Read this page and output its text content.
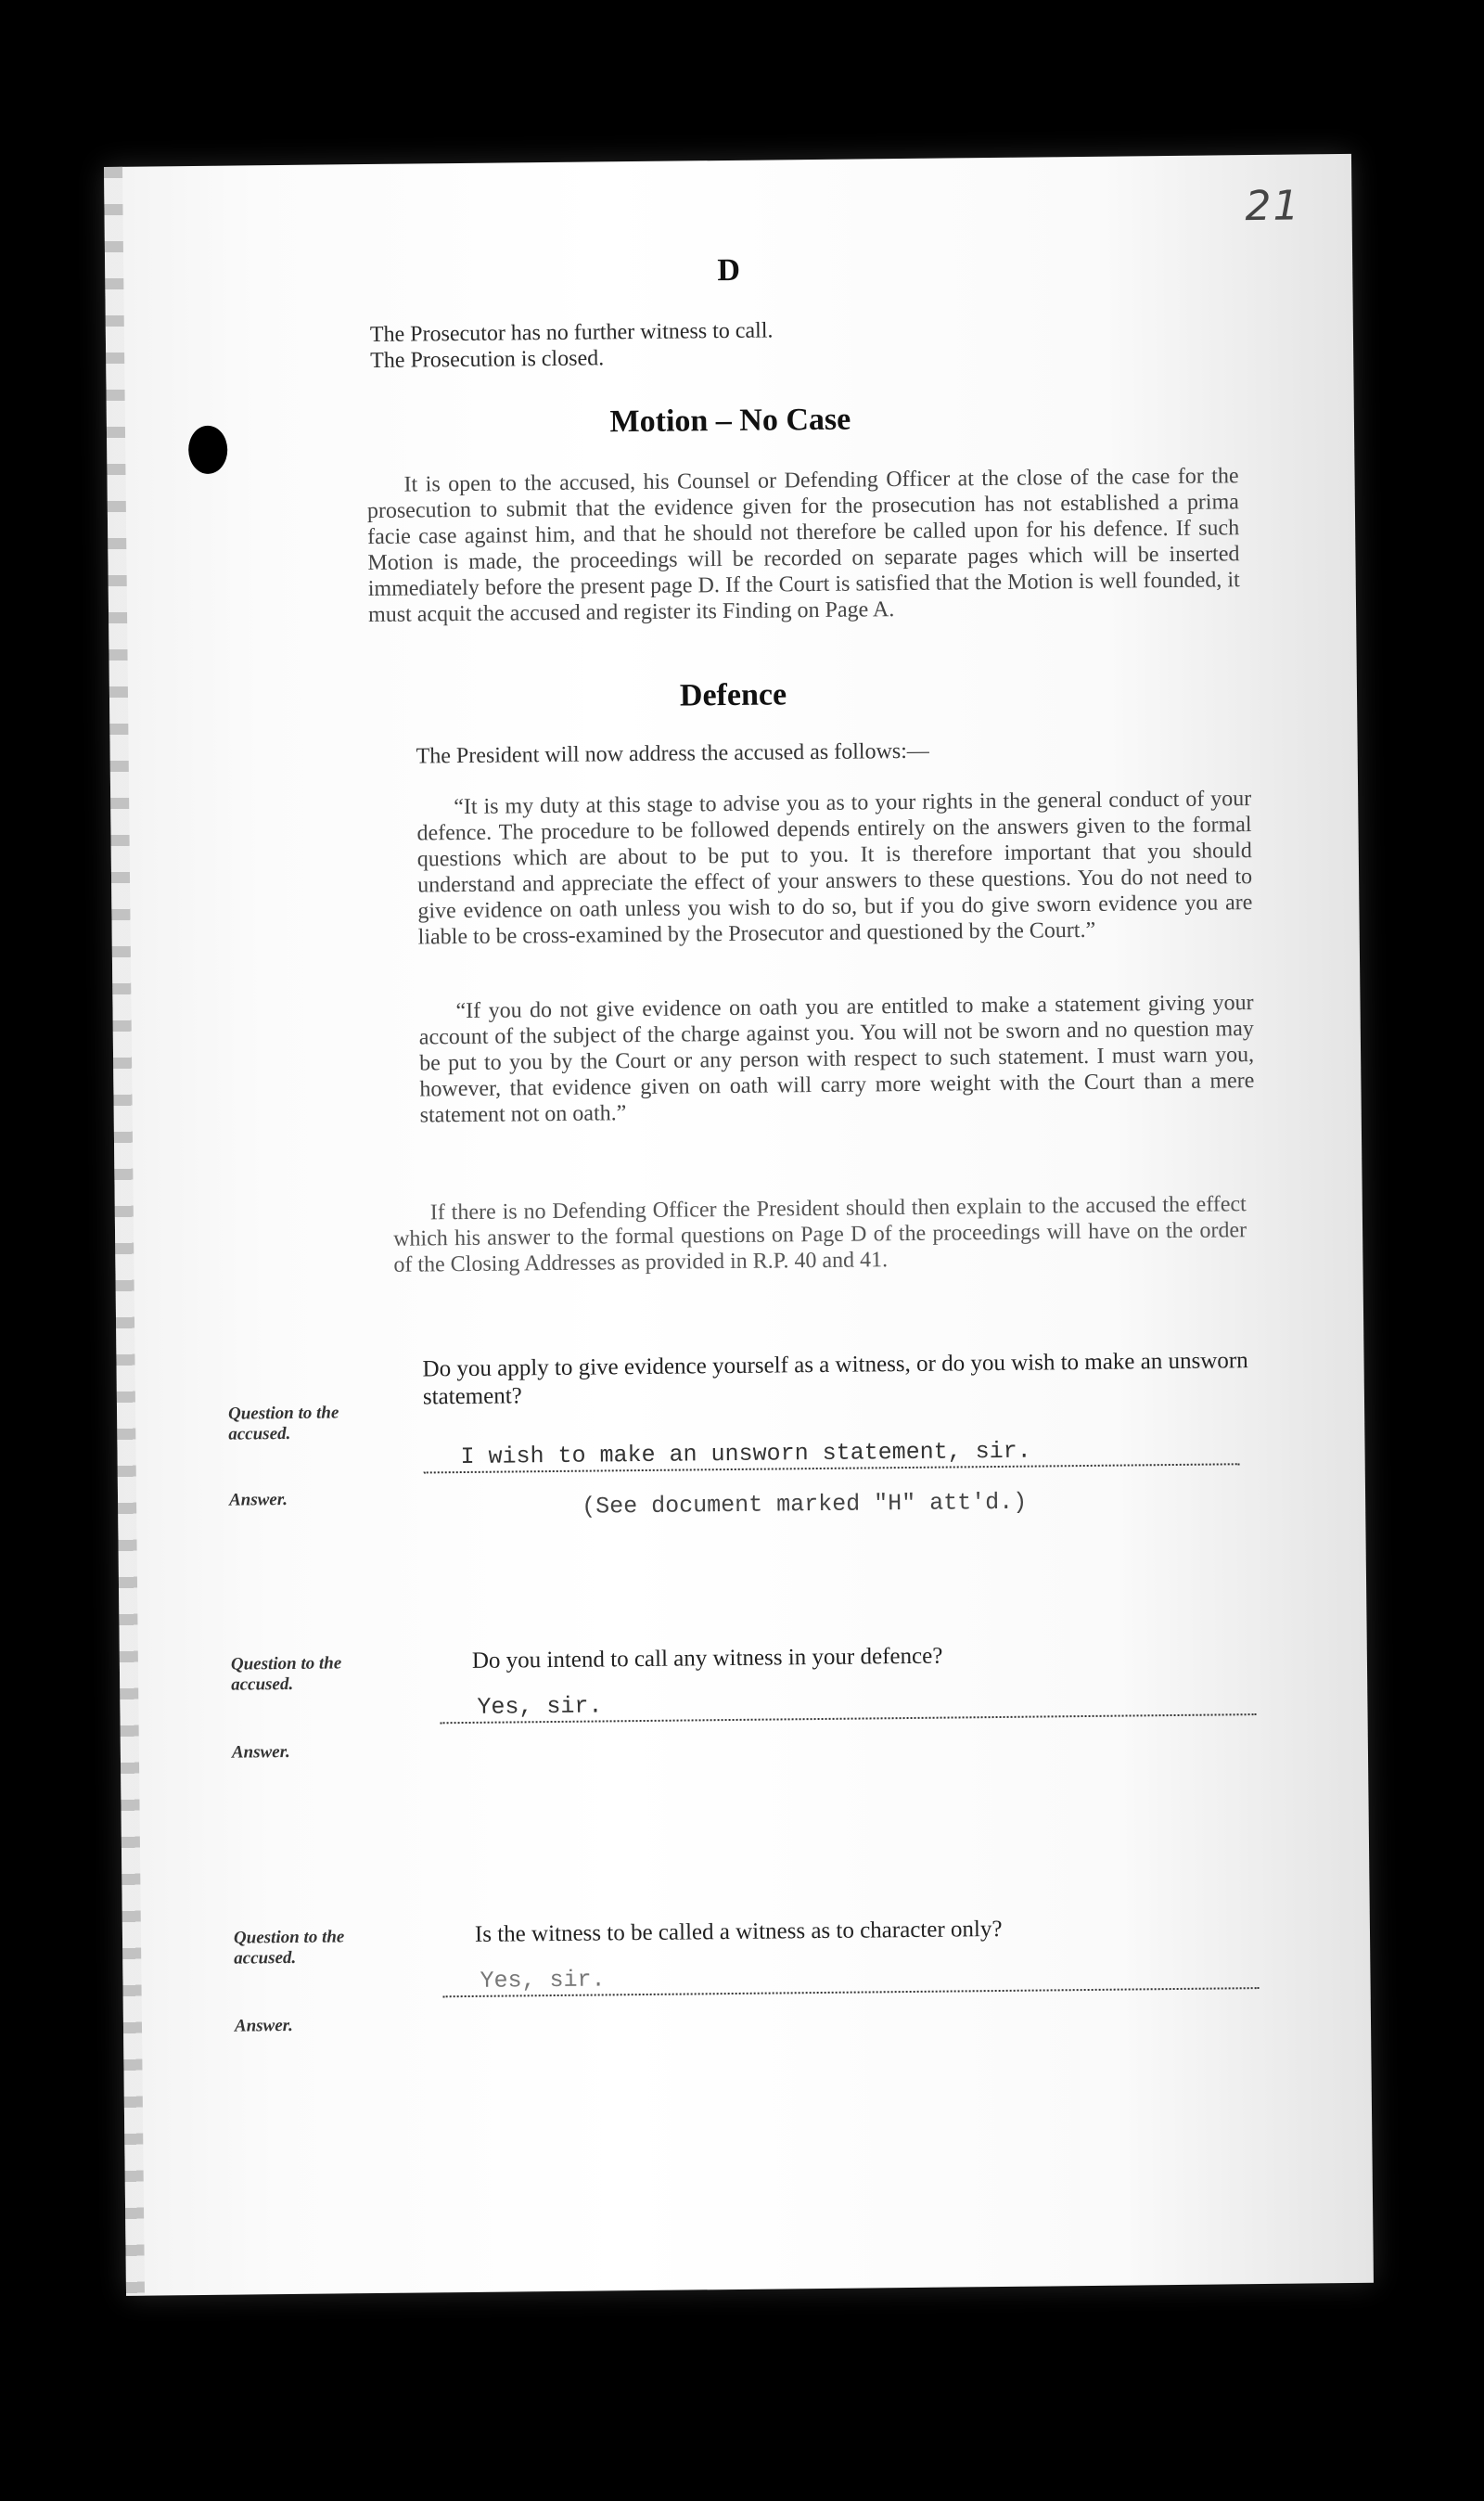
21
D
The Prosecutor has no further witness to call.
The Prosecution is closed.
Motion – No Case
It is open to the accused, his Counsel or Defending Officer at the close of the case for the prosecution to submit that the evidence given for the prosecution has not established a prima facie case against him, and that he should not therefore be called upon for his defence. If such Motion is made, the proceedings will be recorded on separate pages which will be inserted immediately before the present page D. If the Court is satisfied that the Motion is well founded, it must acquit the accused and register its Finding on Page A.
Defence
The President will now address the accused as follows:—
“It is my duty at this stage to advise you as to your rights in the general conduct of your defence. The procedure to be followed depends entirely on the answers given to the formal questions which are about to be put to you. It is therefore important that you should understand and appreciate the effect of your answers to these questions. You do not need to give evidence on oath unless you wish to do so, but if you do give sworn evidence you are liable to be cross-examined by the Prosecutor and questioned by the Court.”
“If you do not give evidence on oath you are entitled to make a statement giving your account of the subject of the charge against you. You will not be sworn and no question may be put to you by the Court or any person with respect to such statement. I must warn you, however, that evidence given on oath will carry more weight with the Court than a mere statement not on oath.”
If there is no Defending Officer the President should then explain to the accused the effect which his answer to the formal questions on Page D of the proceedings will have on the order of the Closing Addresses as provided in R.P. 40 and 41.
Do you apply to give evidence yourself as a witness, or do you wish to make an unsworn statement?
Question to the accused.
Answer.
I wish to make an unsworn statement, sir.
(See document marked "H" att'd.)
Do you intend to call any witness in your defence?
Question to the accused.
Answer.
Yes, sir.
Is the witness to be called a witness as to character only?
Question to the accused.
Answer.
Yes, sir.
